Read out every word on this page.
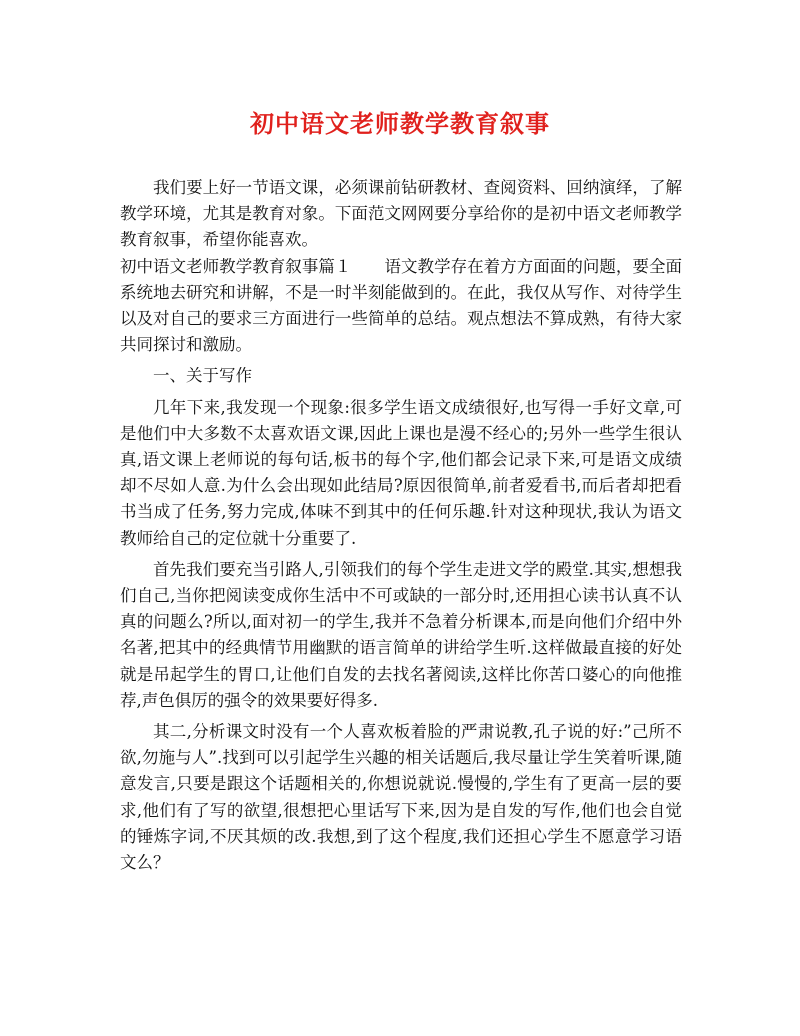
初中语文老师教学教育叙事

我们要上好一节语文课，必须课前钻研教材、查阅资料、回纳演绎，了解教学环境，尤其是教育对象。下面范文网网要分享给你的是初中语文老师教学教育叙事，希望你能喜欢。

初中语文老师教学教育叙事篇１　　语文教学存在着方方面面的问题，要全面系统地去研究和讲解，不是一时半刻能做到的。在此，我仅从写作、对待学生以及对自己的要求三方面进行一些简单的总结。观点想法不算成熟，有待大家共同探讨和激励。

一、关于写作

几年下来,我发现一个现象:很多学生语文成绩很好,也写得一手好文章,可是他们中大多数不太喜欢语文课,因此上课也是漫不经心的;另外一些学生很认真,语文课上老师说的每句话,板书的每个字,他们都会记录下来,可是语文成绩却不尽如人意.为什么会出现如此结局?原因很简单,前者爱看书,而后者却把看书当成了任务,努力完成,体味不到其中的任何乐趣.针对这种现状,我认为语文教师给自己的定位就十分重要了.

首先我们要充当引路人,引领我们的每个学生走进文学的殿堂.其实,想想我们自己,当你把阅读变成你生活中不可或缺的一部分时,还用担心读书认真不认真的问题么?所以,面对初一的学生,我并不急着分析课本,而是向他们介绍中外名著,把其中的经典情节用幽默的语言简单的讲给学生听.这样做最直接的好处就是吊起学生的胃口,让他们自发的去找名著阅读,这样比你苦口婆心的向他推荐,声色俱厉的强令的效果要好得多.

其二,分析课文时没有一个人喜欢板着脸的严肃说教,孔子说的好:”己所不欲,勿施与人”.找到可以引起学生兴趣的相关话题后,我尽量让学生笑着听课,随意发言,只要是跟这个话题相关的,你想说就说.慢慢的,学生有了更高一层的要求,他们有了写的欲望,很想把心里话写下来,因为是自发的写作,他们也会自觉的锤炼字词,不厌其烦的改.我想,到了这个程度,我们还担心学生不愿意学习语文么？
